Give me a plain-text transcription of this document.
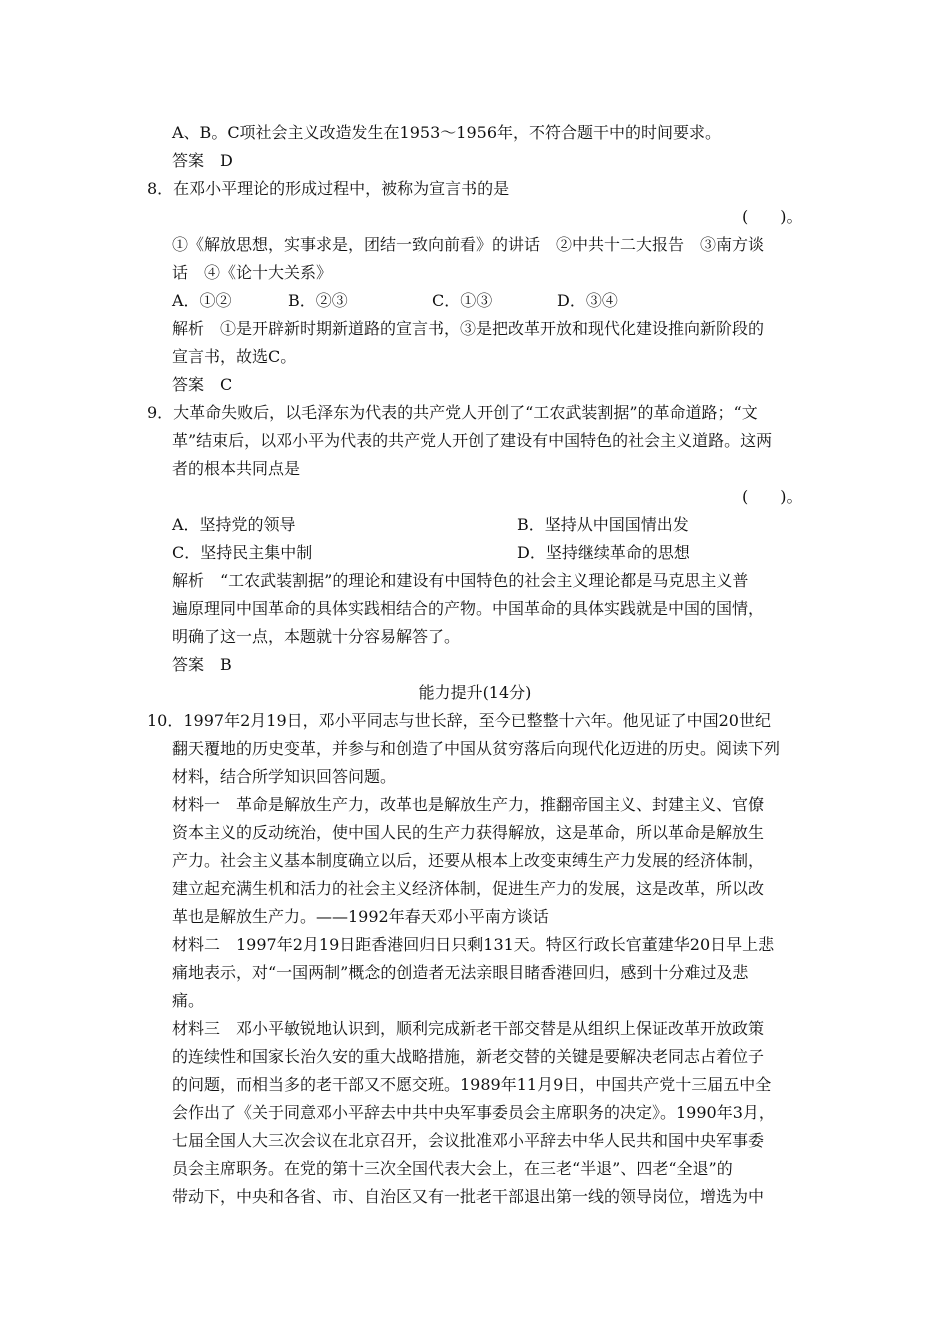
A、B。C项社会主义改造发生在1953～1956年，不符合题干中的时间要求。
答案　D
8．在邓小平理论的形成过程中，被称为宣言书的是
(　　)。
①《解放思想，实事求是，团结一致向前看》的讲话　②中共十二大报告　③南方谈
话　④《论十大关系》
A．①②	B．②③	C．①③	D．③④
解析　①是开辟新时期新道路的宣言书，③是把改革开放和现代化建设推向新阶段的
宣言书，故选C。
答案　C
9．大革命失败后，以毛泽东为代表的共产党人开创了“工农武装割据”的革命道路；“文
革”结束后，以邓小平为代表的共产党人开创了建设有中国特色的社会主义道路。这两
者的根本共同点是
(　　)。
A．坚持党的领导	B．坚持从中国国情出发
C．坚持民主集中制	D．坚持继续革命的思想
解析　“工农武装割据”的理论和建设有中国特色的社会主义理论都是马克思主义普
遍原理同中国革命的具体实践相结合的产物。中国革命的具体实践就是中国的国情，
明确了这一点，本题就十分容易解答了。
答案　B
能力提升(14分)
10．1997年2月19日，邓小平同志与世长辞，至今已整整十六年。他见证了中国20世纪
翻天覆地的历史变革，并参与和创造了中国从贫穷落后向现代化迈进的历史。阅读下列
材料，结合所学知识回答问题。
材料一　革命是解放生产力，改革也是解放生产力，推翻帝国主义、封建主义、官僚
资本主义的反动统治，使中国人民的生产力获得解放，这是革命，所以革命是解放生
产力。社会主义基本制度确立以后，还要从根本上改变束缚生产力发展的经济体制，
建立起充满生机和活力的社会主义经济体制，促进生产力的发展，这是改革，所以改
革也是解放生产力。——1992年春天邓小平南方谈话
材料二　1997年2月19日距香港回归日只剩131天。特区行政长官董建华20日早上悲
痛地表示，对“一国两制”概念的创造者无法亲眼目睹香港回归，感到十分难过及悲
痛。
材料三　邓小平敏锐地认识到，顺利完成新老干部交替是从组织上保证改革开放政策
的连续性和国家长治久安的重大战略措施，新老交替的关键是要解决老同志占着位子
的问题，而相当多的老干部又不愿交班。1989年11月9日，中国共产党十三届五中全
会作出了《关于同意邓小平辞去中共中央军事委员会主席职务的决定》。1990年3月，
七届全国人大三次会议在北京召开，会议批准邓小平辞去中华人民共和国中央军事委
员会主席职务。在党的第十三次全国代表大会上，在三老“半退”、四老“全退”的
带动下，中央和各省、市、自治区又有一批老干部退出第一线的领导岗位，增选为中
